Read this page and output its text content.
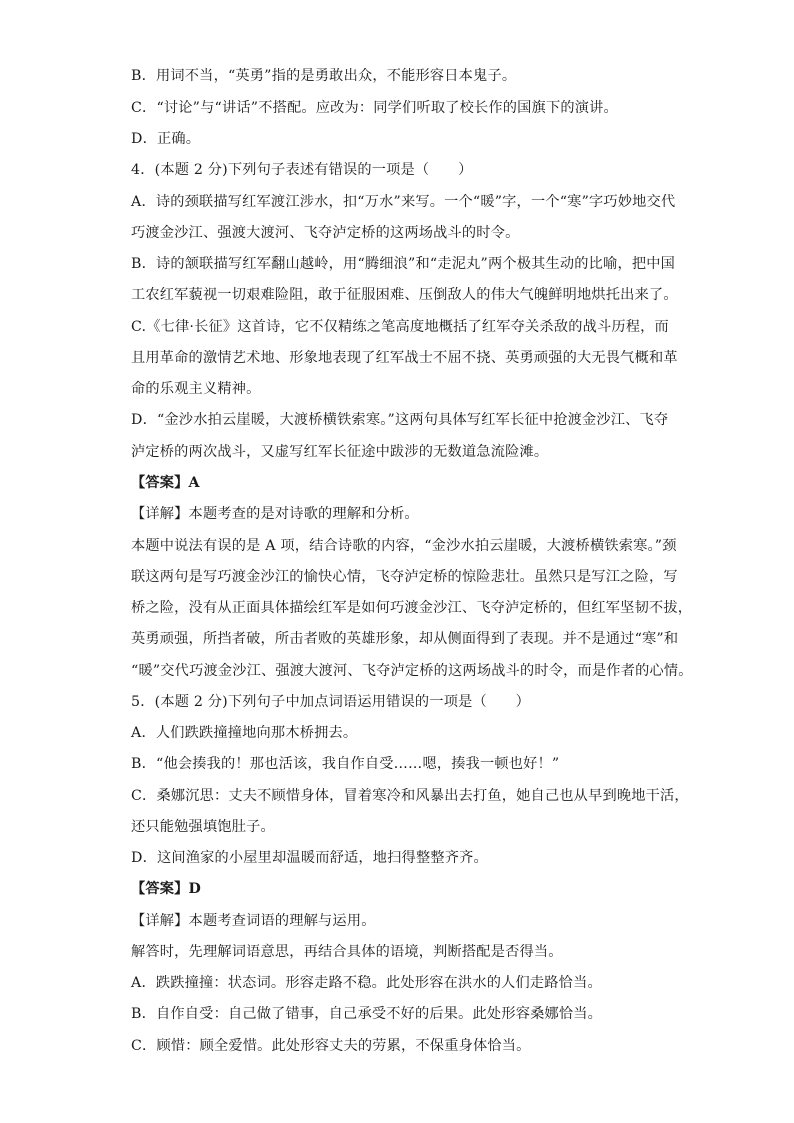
B．用词不当，“英勇”指的是勇敢出众，不能形容日本鬼子。
C．“讨论”与“讲话”不搭配。应改为：同学们听取了校长作的国旗下的演讲。
D．正确。
4．(本题 2 分)下列句子表述有错误的一项是（　　）
A．诗的颈联描写红军渡江涉水，扣“万水”来写。一个“暖”字，一个“寒”字巧妙地交代
巧渡金沙江、强渡大渡河、飞夺泸定桥的这两场战斗的时令。
B．诗的颔联描写红军翻山越岭，用“腾细浪”和“走泥丸”两个极其生动的比喻，把中国
工农红军藐视一切艰难险阻，敢于征服困难、压倒敌人的伟大气魄鲜明地烘托出来了。
C.《七律·长征》这首诗，它不仅精练之笔高度地概括了红军夺关杀敌的战斗历程，而
且用革命的激情艺术地、形象地表现了红军战士不屈不挠、英勇顽强的大无畏气概和革
命的乐观主义精神。
D．“金沙水拍云崖暖，大渡桥横铁索寒。”这两句具体写红军长征中抢渡金沙江、飞夺
泸定桥的两次战斗，又虚写红军长征途中跋涉的无数道急流险滩。
【答案】A
【详解】本题考查的是对诗歌的理解和分析。
本题中说法有误的是 A 项，结合诗歌的内容，“金沙水拍云崖暖，大渡桥横铁索寒。”颈
联这两句是写巧渡金沙江的愉快心情，飞夺泸定桥的惊险悲壮。虽然只是写江之险，写
桥之险，没有从正面具体描绘红军是如何巧渡金沙江、飞夺泸定桥的，但红军坚韧不拔，
英勇顽强，所挡者破，所击者败的英雄形象，却从侧面得到了表现。并不是通过“寒”和
“暖”交代巧渡金沙江、强渡大渡河、飞夺泸定桥的这两场战斗的时令，而是作者的心情。
5．(本题 2 分)下列句子中加点词语运用错误的一项是（　　）
A．人们跌跌撞撞地向那木桥拥去。
B．“他会揍我的！那也活该，我自作自受……嗯，揍我一顿也好！”
C．桑娜沉思：丈夫不顾惜身体，冒着寒冷和风暴出去打鱼，她自己也从早到晚地干活，
还只能勉强填饱肚子。
D．这间渔家的小屋里却温暖而舒适，地扫得整整齐齐。
【答案】D
【详解】本题考查词语的理解与运用。
解答时，先理解词语意思，再结合具体的语境，判断搭配是否得当。
A．跌跌撞撞：状态词。形容走路不稳。此处形容在洪水的人们走路恰当。
B．自作自受：自己做了错事，自己承受不好的后果。此处形容桑娜恰当。
C．顾惜：顾全爱惜。此处形容丈夫的劳累，不保重身体恰当。
